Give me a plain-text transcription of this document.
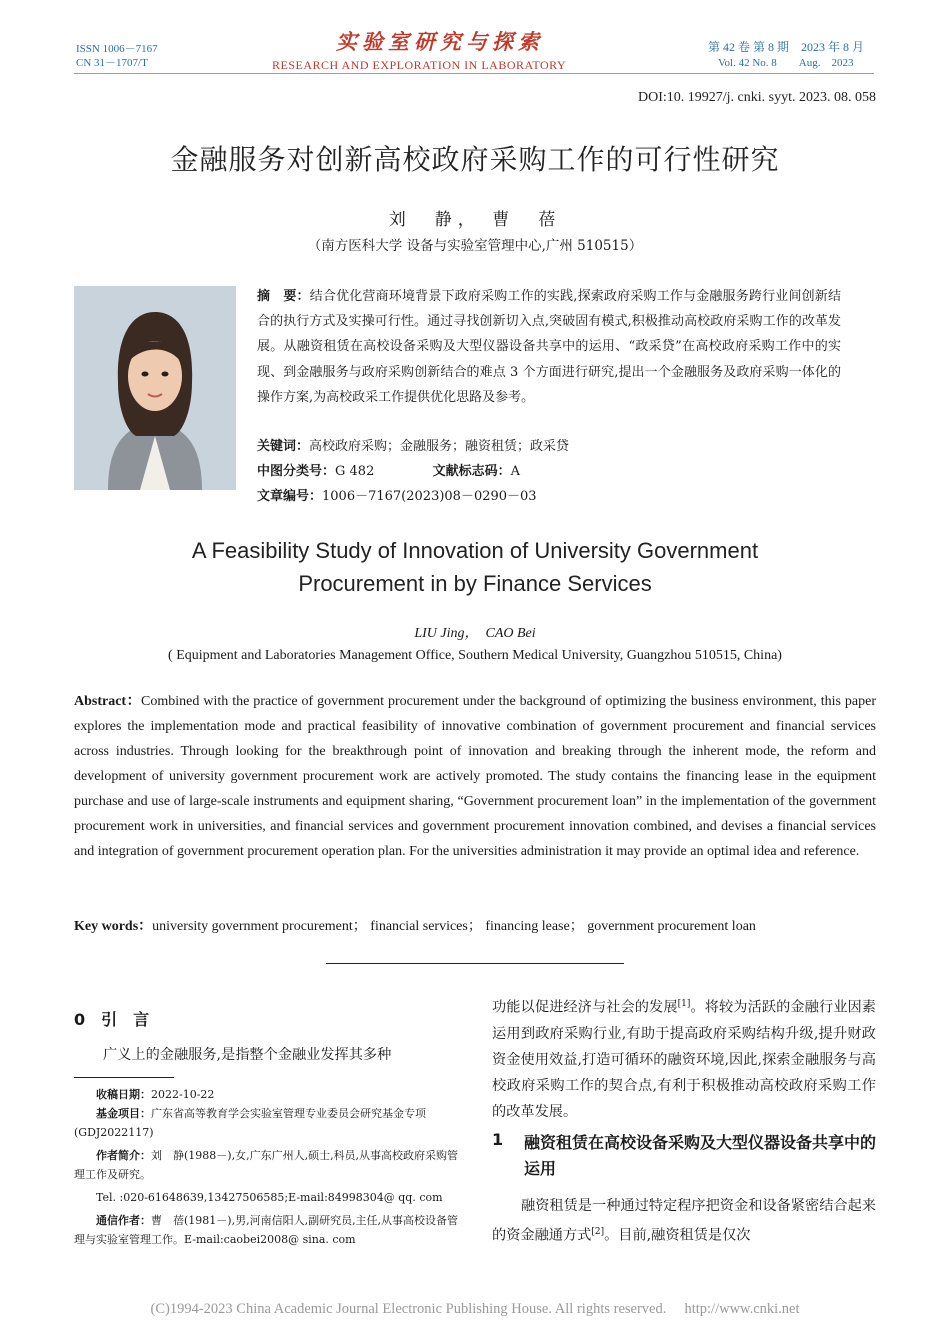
ISSN 1006－7167
CN 31－1707/T
实验室研究与探索
RESEARCH AND EXPLORATION IN LABORATORY
第 42 卷 第 8 期　2023 年 8 月
Vol. 42 No. 8　　Aug.　2023
DOI:10. 19927/j. cnki. syyt. 2023. 08. 058
金融服务对创新高校政府采购工作的可行性研究
刘　静， 曹　蓓
（南方医科大学 设备与实验室管理中心,广州 510515）
摘　要：结合优化营商环境背景下政府采购工作的实践,探索政府采购工作与金融服务跨行业间创新结合的执行方式及实操可行性。通过寻找创新切入点,突破固有模式,积极推动高校政府采购工作的改革发展。从融资租赁在高校设备采购及大型仪器设备共享中的运用、“政采贷”在高校政府采购工作中的实现、到金融服务与政府采购创新结合的难点 3 个方面进行研究,提出一个金融服务及政府采购一体化的操作方案,为高校政采工作提供优化思路及参考。
关键词：高校政府采购；金融服务；融资租赁；政采贷
中图分类号：G 482	文献标志码：A
文章编号：1006－7167(2023)08－0290－03
A Feasibility Study of Innovation of University Government
Procurement in by Finance Services
LIU Jing，　CAO Bei
( Equipment and Laboratories Management Office, Southern Medical University, Guangzhou 510515, China)
Abstract：Combined with the practice of government procurement under the background of optimizing the business environment, this paper explores the implementation mode and practical feasibility of innovative combination of government procurement and financial services across industries. Through looking for the breakthrough point of innovation and breaking through the inherent mode, the reform and development of university government procurement work are actively promoted. The study contains the financing lease in the equipment purchase and use of large-scale instruments and equipment sharing, “Government procurement loan” in the implementation of the government procurement work in universities, and financial services and government procurement innovation combined, and devises a financial services and integration of government procurement operation plan. For the universities administration it may provide an optimal idea and reference.
Key words：university government procurement； financial services； financing lease； government procurement loan
0　引　言
广义上的金融服务,是指整个金融业发挥其多种
收稿日期：2022-10-22
基金项目：广东省高等教育学会实验室管理专业委员会研究基金专项(GDJ2022117)
作者简介：刘　静(1988－),女,广东广州人,硕士,科员,从事高校政府采购管理工作及研究。
Tel. :020-61648639,13427506585;E-mail:84998304@ qq. com
通信作者：曹　蓓(1981－),男,河南信阳人,副研究员,主任,从事高校设备管理与实验室管理工作。E-mail:caobei2008@ sina. com
功能以促进经济与社会的发展[1]。将较为活跃的金融行业因素运用到政府采购行业,有助于提高政府采购结构升级,提升财政资金使用效益,打造可循环的融资环境,因此,探索金融服务与高校政府采购工作的契合点,有利于积极推动高校政府采购工作的改革发展。
1 融资租赁在高校设备采购及大型仪器设备共享中的运用
融资租赁是一种通过特定程序把资金和设备紧密结合起来的资金融通方式[2]。目前,融资租赁是仅次
(C)1994-2023 China Academic Journal Electronic Publishing House. All rights reserved.　 http://www.cnki.net
